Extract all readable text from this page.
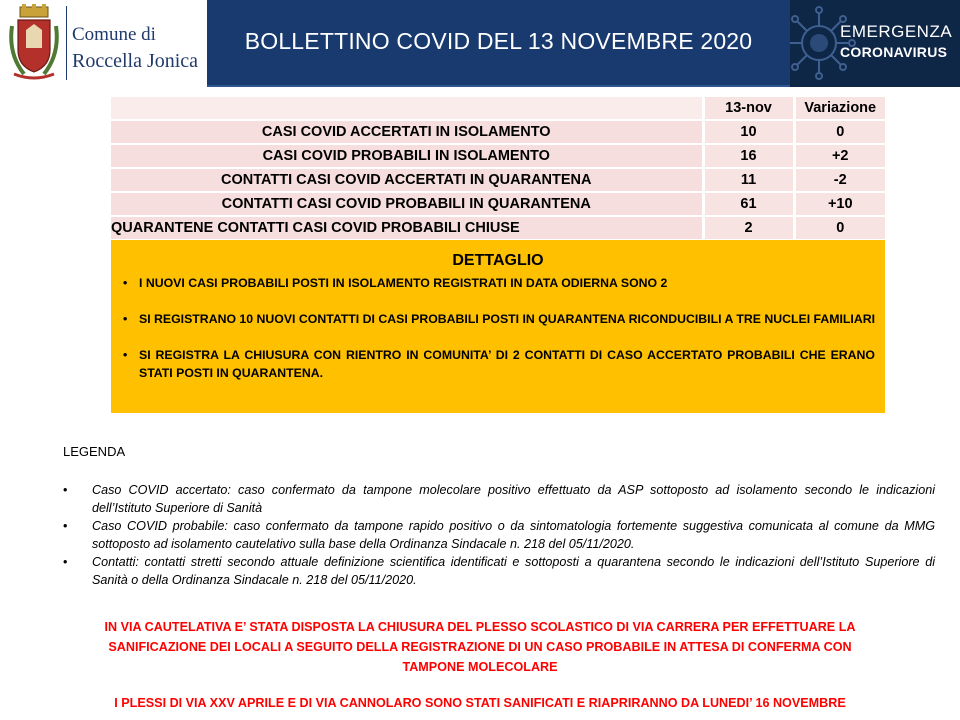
Comune di
Roccella Jonica
BOLLETTINO COVID DEL 13 NOVEMBRE 2020	EMERGENZA
CORONAVIRUS
	13-nov	Variazione
CASI COVID ACCERTATI IN ISOLAMENTO	10	0
CASI COVID PROBABILI IN ISOLAMENTO	16	+2
CONTATTI CASI COVID ACCERTATI IN QUARANTENA	11	-2
CONTATTI CASI COVID PROBABILI IN QUARANTENA	61	+10
QUARANTENE CONTATTI CASI COVID PROBABILI CHIUSE	2	0
DETTAGLIO
• I NUOVI CASI PROBABILI POSTI IN ISOLAMENTO REGISTRATI IN DATA ODIERNA SONO 2
• SI REGISTRANO 10 NUOVI CONTATTI DI CASI PROBABILI POSTI IN QUARANTENA RICONDUCIBILI A TRE NUCLEI FAMILIARI
• SI REGISTRA LA CHIUSURA CON RIENTRO IN COMUNITA’ DI 2 CONTATTI DI CASO ACCERTATO PROBABILI CHE ERANO STATI POSTI IN QUARANTENA.
LEGENDA
• Caso COVID accertato: caso confermato da tampone molecolare positivo effettuato da ASP sottoposto ad isolamento secondo le indicazioni dell’Istituto Superiore di Sanità
• Caso COVID probabile: caso confermato da tampone rapido positivo o da sintomatologia fortemente suggestiva comunicata al comune da MMG sottoposto ad isolamento cautelativo sulla base della Ordinanza Sindacale n. 218 del 05/11/2020.
• Contatti: contatti stretti secondo attuale definizione scientifica identificati e sottoposti a quarantena secondo le indicazioni dell’Istituto Superiore di Sanità o della Ordinanza Sindacale n. 218 del 05/11/2020.
IN VIA CAUTELATIVA E’ STATA DISPOSTA LA CHIUSURA DEL PLESSO SCOLASTICO DI VIA CARRERA PER EFFETTUARE LA SANIFICAZIONE DEI LOCALI A SEGUITO DELLA REGISTRAZIONE DI UN CASO PROBABILE IN ATTESA DI CONFERMA CON TAMPONE MOLECOLARE
I PLESSI DI VIA XXV APRILE E DI VIA CANNOLARO SONO STATI SANIFICATI E RIAPRIRANNO DA LUNEDI’ 16 NOVEMBRE
